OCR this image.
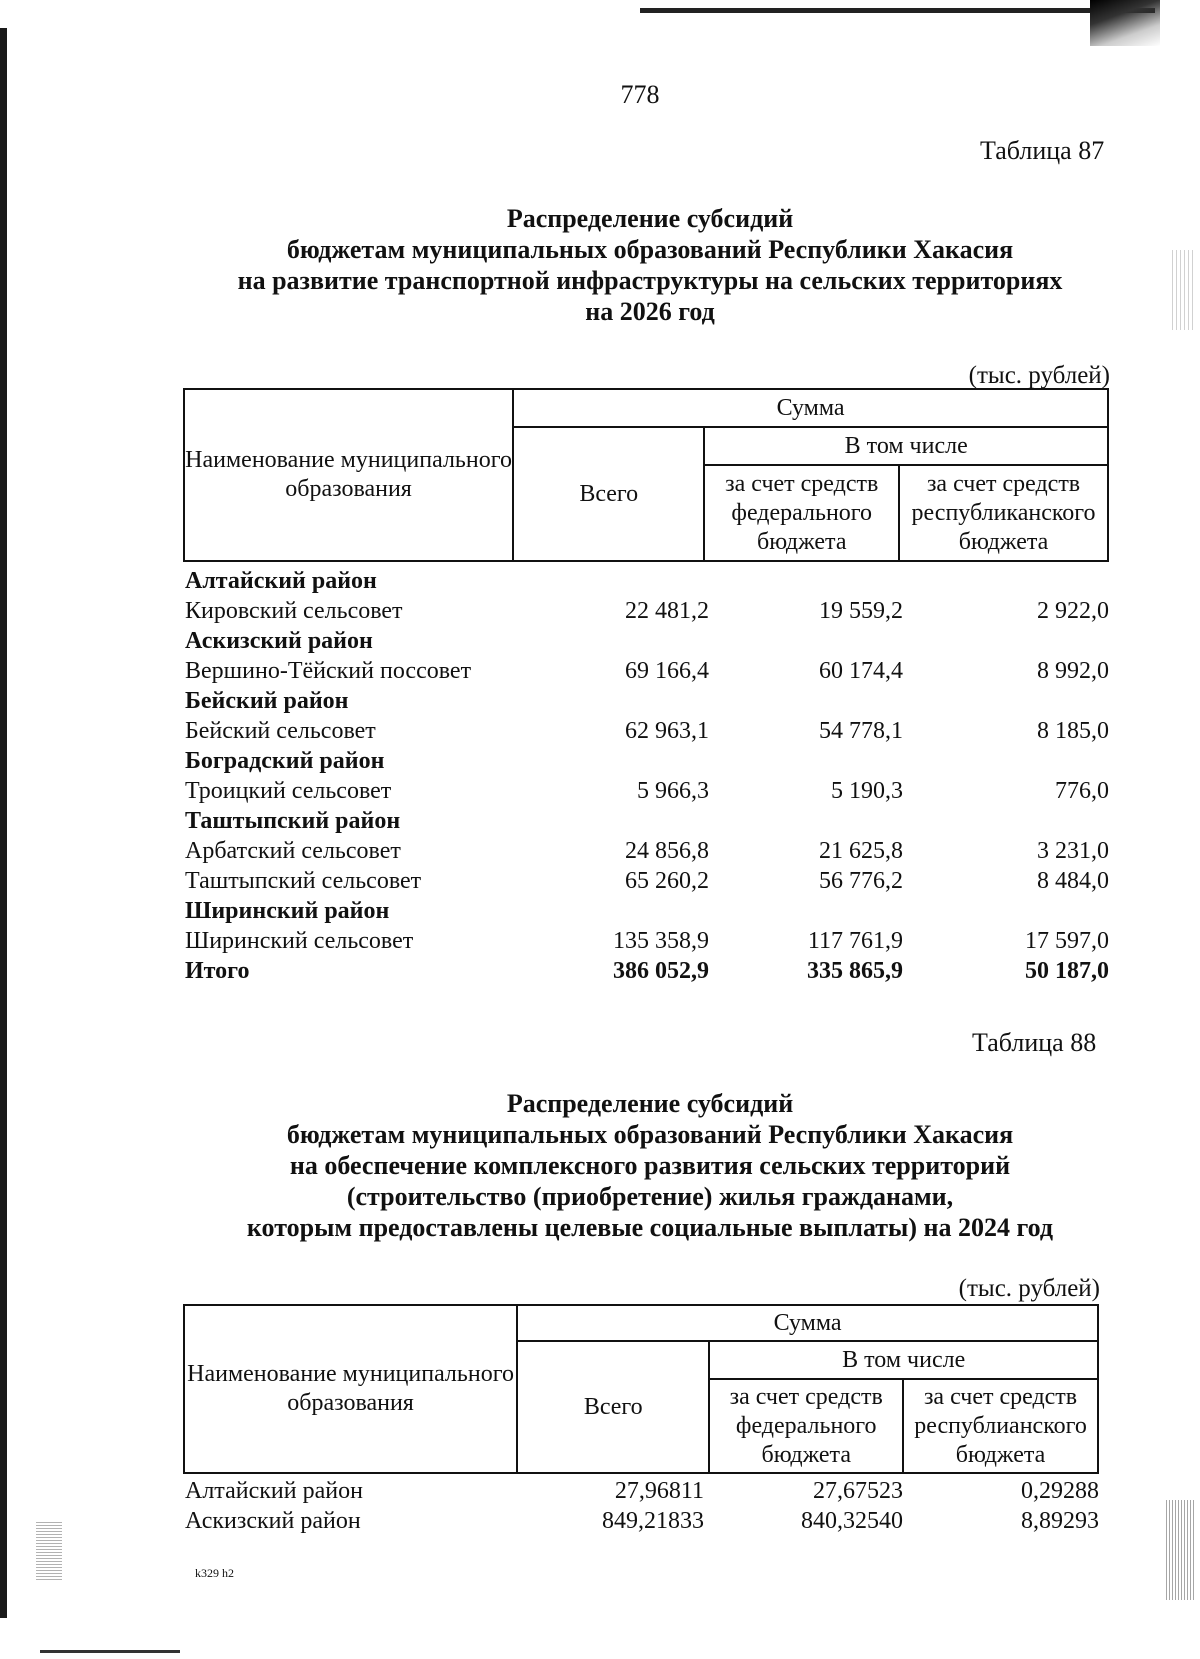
778
Таблица 87
Распределение субсидий
бюджетам муниципальных образований Республики Хакасия
на развитие транспортной инфраструктуры на сельских территориях
на 2026 год
(тыс. рублей)
Наименование муниципального образования	Сумма		
	Всего	В том числе	
		за счет средств федерального бюджета	за счет средств республиканского бюджета
Алтайский район
Кировский сельсовет	22 481,2	19 559,2	2 922,0
Аскизский район
Вершино-Тёйский поссовет	69 166,4	60 174,4	8 992,0
Бейский район
Бейский сельсовет	62 963,1	54 778,1	8 185,0
Боградский район
Троицкий сельсовет	5 966,3	5 190,3	776,0
Таштыпский район
Арбатский сельсовет	24 856,8	21 625,8	3 231,0
Таштыпский сельсовет	65 260,2	56 776,2	8 484,0
Ширинский район
Ширинский сельсовет	135 358,9	117 761,9	17 597,0
Итого	386 052,9	335 865,9	50 187,0
Таблица 88
Распределение субсидий
бюджетам муниципальных образований Республики Хакасия
на обеспечение комплексного развития сельских территорий
(строительство (приобретение) жилья гражданами,
которым предоставлены целевые социальные выплаты) на 2024 год
(тыс. рублей)
Наименование муниципального образования	Сумма		
	Всего	В том числе	
		за счет средств федерального бюджета	за счет средств республианского бюджета
Алтайский район	27,96811	27,67523	0,29288
Аскизский район	849,21833	840,32540	8,89293
k329 h2
